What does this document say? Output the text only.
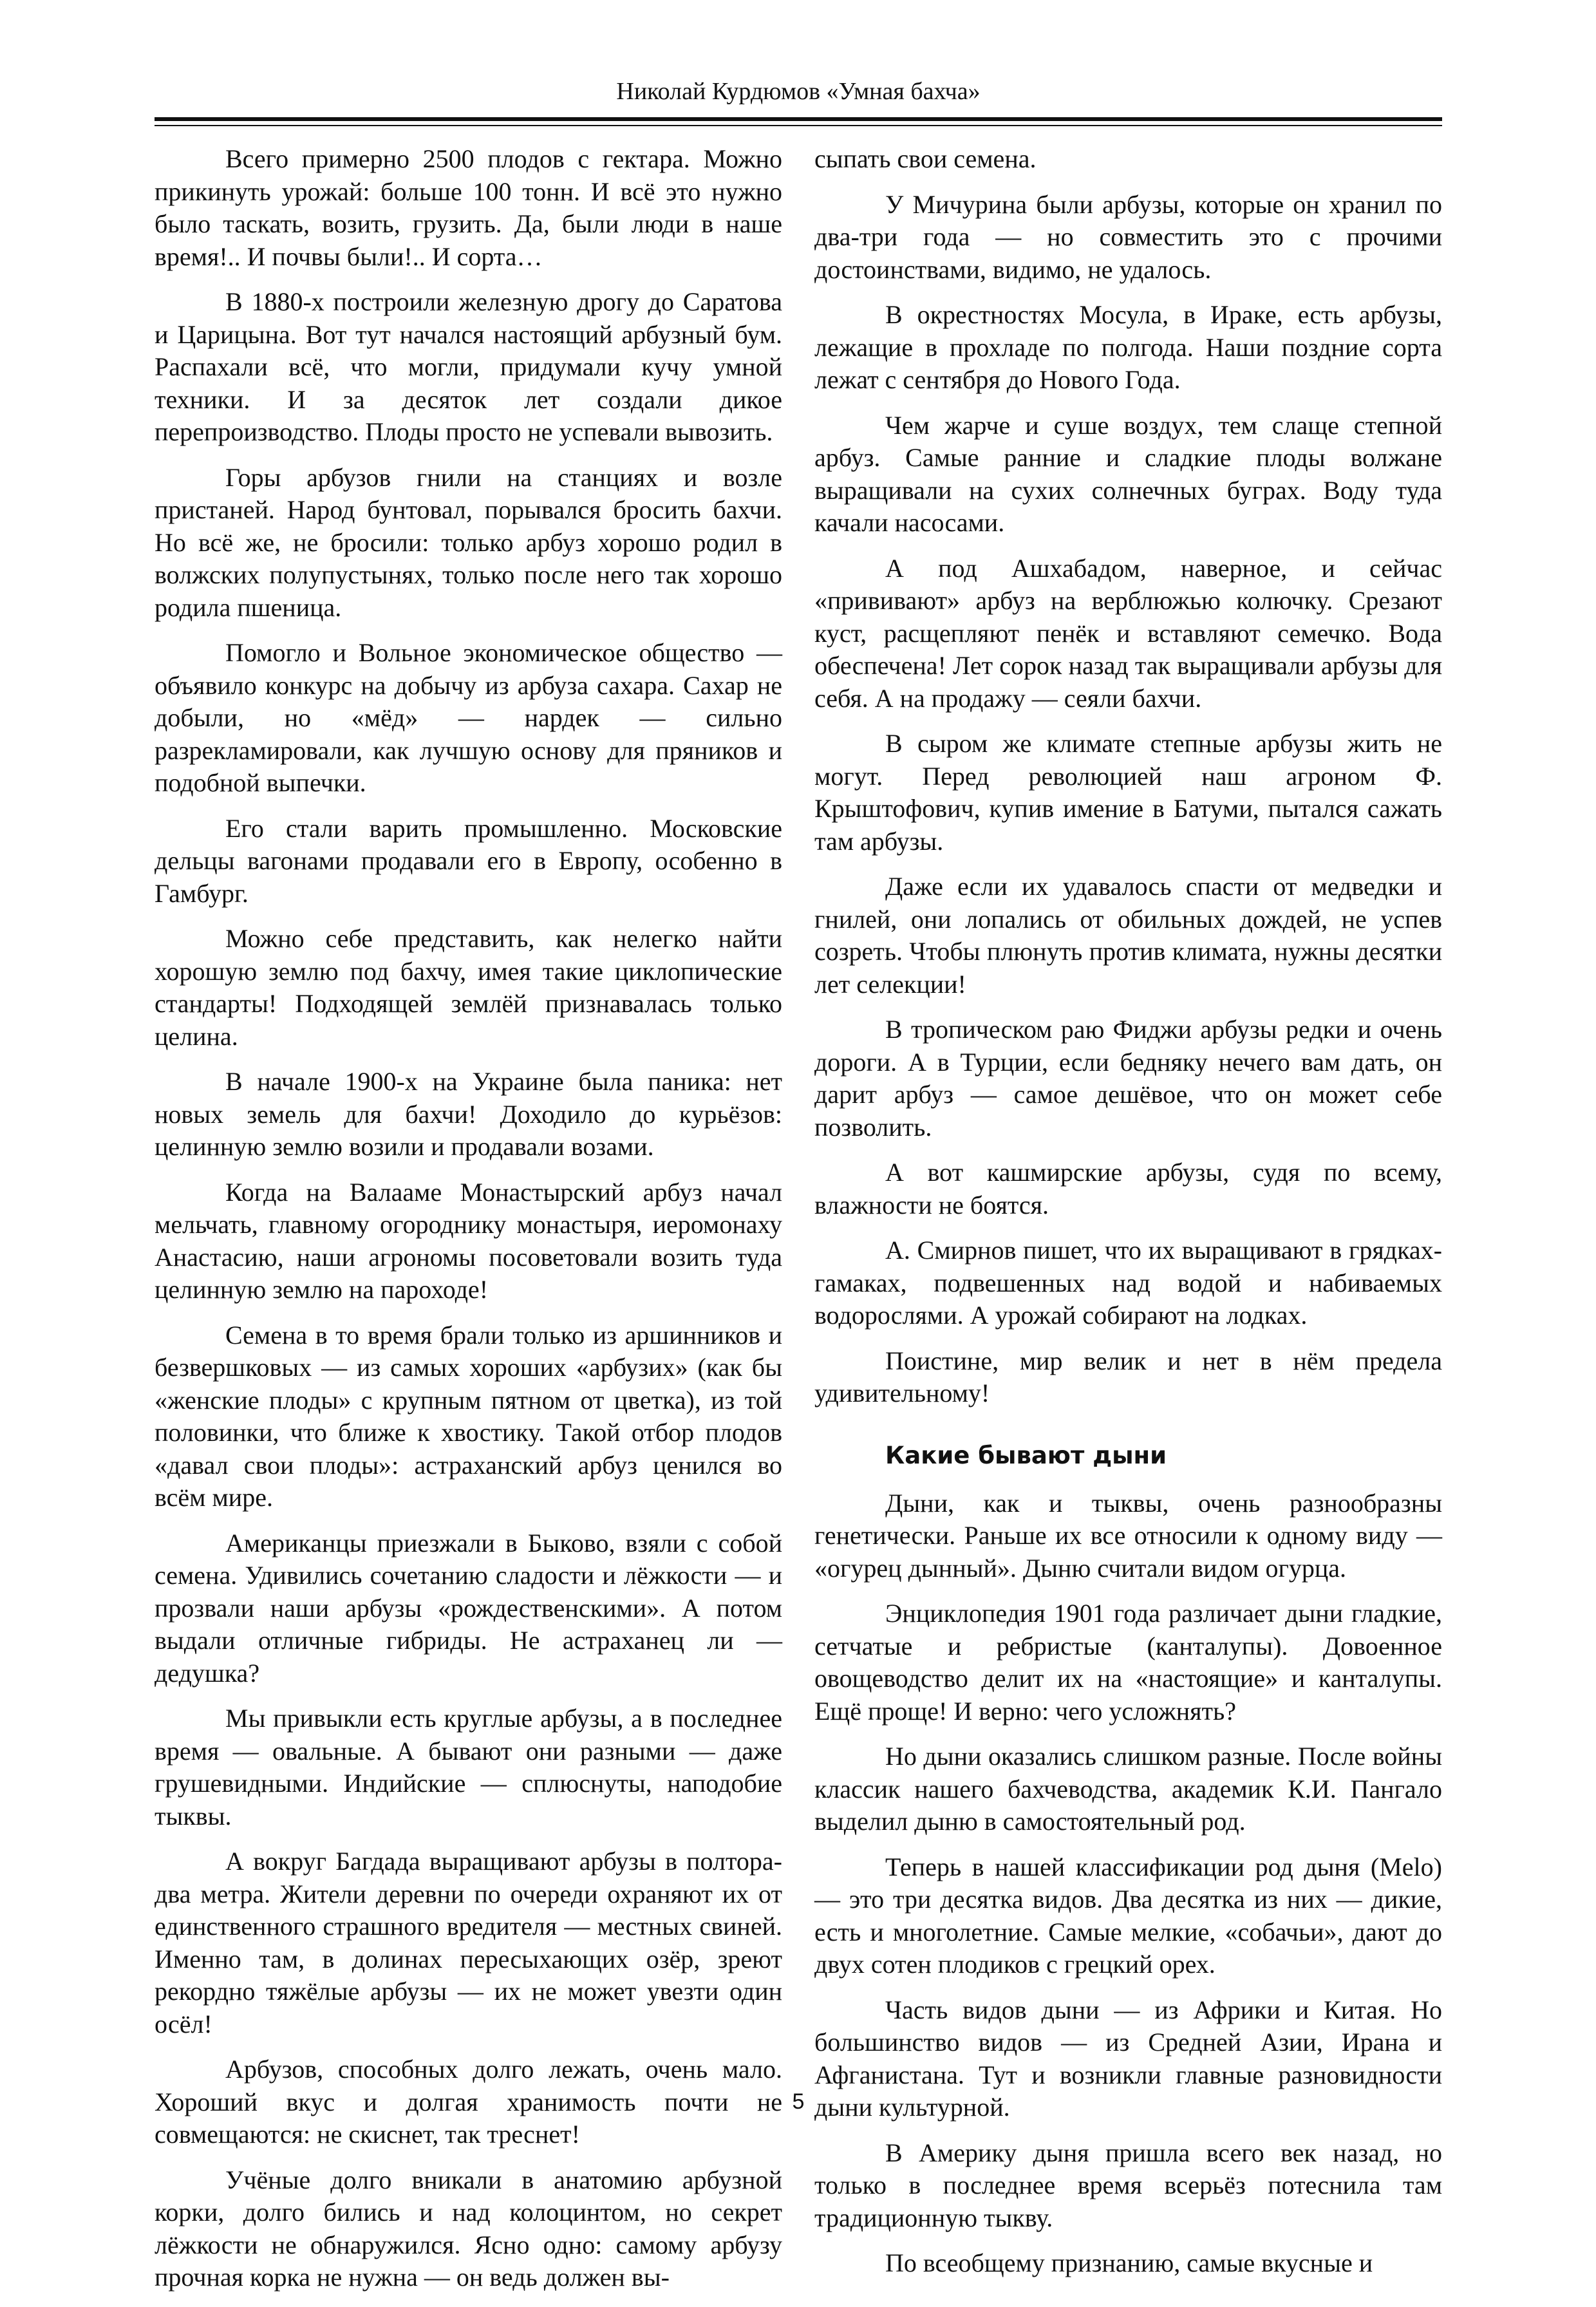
Николай Курдюмов «Умная бахча»

Всего примерно 2500 плодов с гектара. Можно прикинуть урожай: больше 100 тонн. И всё это нужно было таскать, возить, грузить. Да, были люди в наше время!.. И почвы были!.. И сорта…

В 1880-х построили железную дрогу до Саратова и Царицына. Вот тут начался настоящий арбузный бум. Распахали всё, что могли, придумали кучу умной техники. И за десяток лет создали дикое перепроизводство. Плоды просто не успевали вывозить.

Горы арбузов гнили на станциях и возле пристаней. Народ бунтовал, порывался бросить бахчи. Но всё же, не бросили: только арбуз хорошо родил в волжских полупустынях, только после него так хорошо родила пшеница.

Помогло и Вольное экономическое общество — объявило конкурс на добычу из арбуза сахара. Сахар не добыли, но «мёд» — нардек — сильно разрекламировали, как лучшую основу для пряников и подобной выпечки.

Его стали варить промышленно. Московские дельцы вагонами продавали его в Европу, особенно в Гамбург.

Можно себе представить, как нелегко найти хорошую землю под бахчу, имея такие циклопические стандарты! Подходящей землёй признавалась только целина.

В начале 1900-х на Украине была паника: нет новых земель для бахчи! Доходило до курьёзов: целинную землю возили и продавали возами.

Когда на Валааме Монастырский арбуз начал мельчать, главному огороднику монастыря, иеромонаху Анастасию, наши агрономы посоветовали возить туда целинную землю на пароходе!

Семена в то время брали только из аршинников и безвершковых — из самых хороших «арбузих» (как бы «женские плоды» с крупным пятном от цветка), из той половинки, что ближе к хвостику. Такой отбор плодов «давал свои плоды»: астраханский арбуз ценился во всём мире.

Американцы приезжали в Быково, взяли с собой семена. Удивились сочетанию сладости и лёжкости — и прозвали наши арбузы «рождественскими». А потом выдали отличные гибриды. Не астраханец ли — дедушка?

Мы привыкли есть круглые арбузы, а в последнее время — овальные. А бывают они разными — даже грушевидными. Индийские — сплюснуты, наподобие тыквы.

А вокруг Багдада выращивают арбузы в полтора-два метра. Жители деревни по очереди охраняют их от единственного страшного вредителя — местных свиней. Именно там, в долинах пересыхающих озёр, зреют рекордно тяжёлые арбузы — их не может увезти один осёл!

Арбузов, способных долго лежать, очень мало. Хороший вкус и долгая хранимость почти не совмещаются: не скиснет, так треснет!

Учёные долго вникали в анатомию арбузной корки, долго бились и над колоцинтом, но секрет лёжкости не обнаружился. Ясно одно: самому арбузу прочная корка не нужна — он ведь должен вы-

сыпать свои семена.

У Мичурина были арбузы, которые он хранил по два-три года — но совместить это с прочими достоинствами, видимо, не удалось.

В окрестностях Мосула, в Ираке, есть арбузы, лежащие в прохладе по полгода. Наши поздние сорта лежат с сентября до Нового Года.

Чем жарче и суше воздух, тем слаще степной арбуз. Самые ранние и сладкие плоды волжане выращивали на сухих солнечных буграх. Воду туда качали насосами.

А под Ашхабадом, наверное, и сейчас «прививают» арбуз на верблюжью колючку. Срезают куст, расщепляют пенёк и вставляют семечко. Вода обеспечена! Лет сорок назад так выращивали арбузы для себя. А на продажу — сеяли бахчи.

В сыром же климате степные арбузы жить не могут. Перед революцией наш агроном Ф. Крыштофович, купив имение в Батуми, пытался сажать там арбузы.

Даже если их удавалось спасти от медведки и гнилей, они лопались от обильных дождей, не успев созреть. Чтобы плюнуть против климата, нужны десятки лет селекции!

В тропическом раю Фиджи арбузы редки и очень дороги. А в Турции, если бедняку нечего вам дать, он дарит арбуз — самое дешёвое, что он может себе позволить.

А вот кашмирские арбузы, судя по всему, влажности не боятся.

А. Смирнов пишет, что их выращивают в грядках-гамаках, подвешенных над водой и набиваемых водорослями. А урожай собирают на лодках.

Поистине, мир велик и нет в нём предела удивительному!

Какие бывают дыни

Дыни, как и тыквы, очень разнообразны генетически. Раньше их все относили к одному виду — «огурец дынный». Дыню считали видом огурца.

Энциклопедия 1901 года различает дыни гладкие, сетчатые и ребристые (канталупы). Довоенное овощеводство делит их на «настоящие» и канталупы. Ещё проще! И верно: чего усложнять?

Но дыни оказались слишком разные. После войны классик нашего бахчеводства, академик К.И. Пангало выделил дыню в самостоятельный род.

Теперь в нашей классификации род дыня (Melo) — это три десятка видов. Два десятка из них — дикие, есть и многолетние. Самые мелкие, «собачьи», дают до двух сотен плодиков с грецкий орех.

Часть видов дыни — из Африки и Китая. Но большинство видов — из Средней Азии, Ирана и Афганистана. Тут и возникли главные разновидности дыни культурной.

В Америку дыня пришла всего век назад, но только в последнее время всерьёз потеснила там традиционную тыкву.

По всеобщему признанию, самые вкусные и

5
